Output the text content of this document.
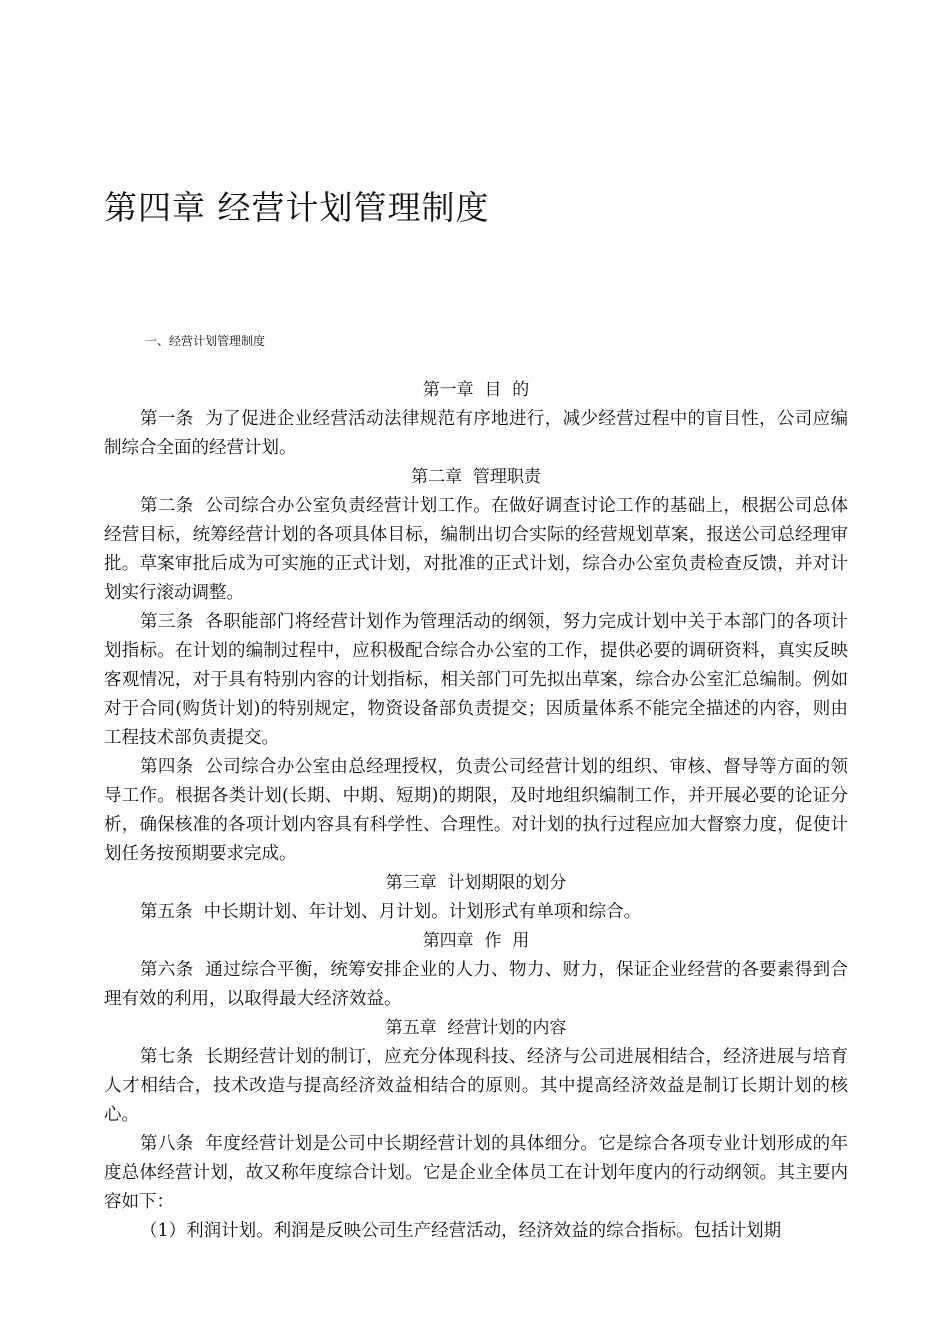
第四章 经营计划管理制度
一、经营计划管理制度
第一章  目  的

第一条  为了促进企业经营活动法律规范有序地进行，减少经营过程中的盲目性，公司应编制综合全面的经营计划。

第二章  管理职责

第二条  公司综合办公室负责经营计划工作。在做好调查讨论工作的基础上，根据公司总体经营目标，统筹经营计划的各项具体目标，编制出切合实际的经营规划草案，报送公司总经理审批。草案审批后成为可实施的正式计划，对批准的正式计划，综合办公室负责检查反馈，并对计划实行滚动调整。

第三条  各职能部门将经营计划作为管理活动的纲领，努力完成计划中关于本部门的各项计划指标。在计划的编制过程中，应积极配合综合办公室的工作，提供必要的调研资料，真实反映客观情况，对于具有特别内容的计划指标，相关部门可先拟出草案，综合办公室汇总编制。例如对于合同(购货计划)的特别规定，物资设备部负责提交；因质量体系不能完全描述的内容，则由工程技术部负责提交。

第四条  公司综合办公室由总经理授权，负责公司经营计划的组织、审核、督导等方面的领导工作。根据各类计划(长期、中期、短期)的期限，及时地组织编制工作，并开展必要的论证分析，确保核准的各项计划内容具有科学性、合理性。对计划的执行过程应加大督察力度，促使计划任务按预期要求完成。

第三章  计划期限的划分

第五条  中长期计划、年计划、月计划。计划形式有单项和综合。

第四章  作  用

第六条  通过综合平衡，统筹安排企业的人力、物力、财力，保证企业经营的各要素得到合理有效的利用，以取得最大经济效益。

第五章  经营计划的内容

第七条  长期经营计划的制订，应充分体现科技、经济与公司进展相结合，经济进展与培育人才相结合，技术改造与提高经济效益相结合的原则。其中提高经济效益是制订长期计划的核心。

第八条  年度经营计划是公司中长期经营计划的具体细分。它是综合各项专业计划形成的年度总体经营计划，故又称年度综合计划。它是企业全体员工在计划年度内的行动纲领。其主要内容如下：

（1）利润计划。利润是反映公司生产经营活动，经济效益的综合指标。包括计划期
